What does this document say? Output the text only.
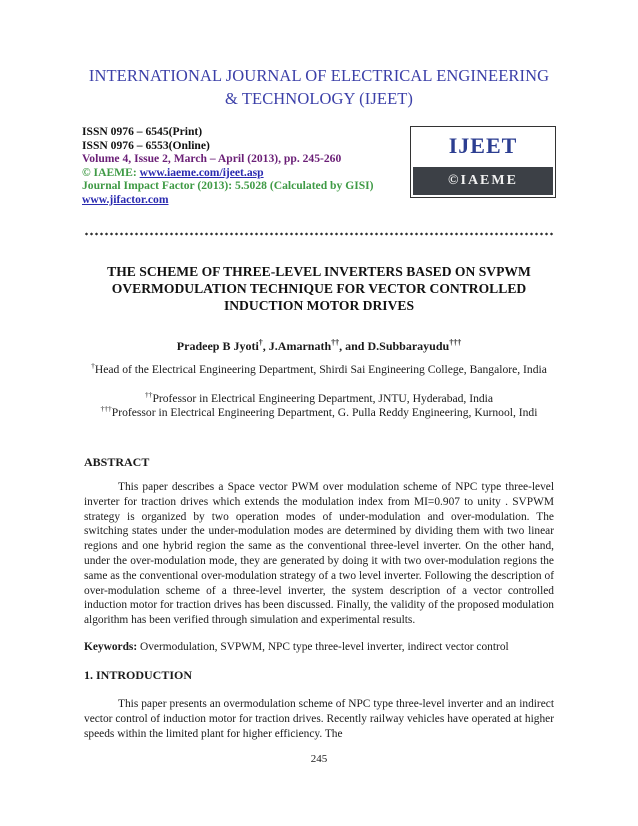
INTERNATIONAL JOURNAL OF ELECTRICAL ENGINEERING
& TECHNOLOGY (IJEET)
ISSN 0976 – 6545(Print)
ISSN 0976 – 6553(Online)
Volume 4, Issue 2, March – April (2013), pp. 245-260
© IAEME: www.iaeme.com/ijeet.asp
Journal Impact Factor (2013): 5.5028 (Calculated by GISI)
www.jifactor.com
IJEET
©IAEME
THE SCHEME OF THREE-LEVEL INVERTERS BASED ON SVPWM OVERMODULATION TECHNIQUE FOR VECTOR CONTROLLED INDUCTION MOTOR DRIVES
Pradeep B Jyoti†, J.Amarnath††, and D.Subbarayudu†††
†Head of the Electrical Engineering Department, Shirdi Sai Engineering College, Bangalore, India
††Professor in Electrical Engineering Department, JNTU, Hyderabad, India
†††Professor in Electrical Engineering Department, G. Pulla Reddy Engineering, Kurnool, Indi
ABSTRACT

This paper describes a Space vector PWM over modulation scheme of NPC type three-level inverter for traction drives which extends the modulation index from MI=0.907 to unity . SVPWM strategy is organized by two operation modes of under-modulation and over-modulation. The switching states under the under-modulation modes are determined by dividing them with two linear regions and one hybrid region the same as the conventional three-level inverter. On the other hand, under the over-modulation mode, they are generated by doing it with two over-modulation regions the same as the conventional over-modulation strategy of a two level inverter. Following the description of over-modulation scheme of a three-level inverter, the system description of a vector controlled induction motor for traction drives has been discussed. Finally, the validity of the proposed modulation algorithm has been verified through simulation and experimental results.

Keywords: Overmodulation, SVPWM, NPC type three-level inverter, indirect vector control
1. INTRODUCTION

This paper presents an overmodulation scheme of NPC type three-level inverter and an indirect vector control of induction motor for traction drives. Recently railway vehicles have operated at higher speeds within the limited plant for higher efficiency. The

245
